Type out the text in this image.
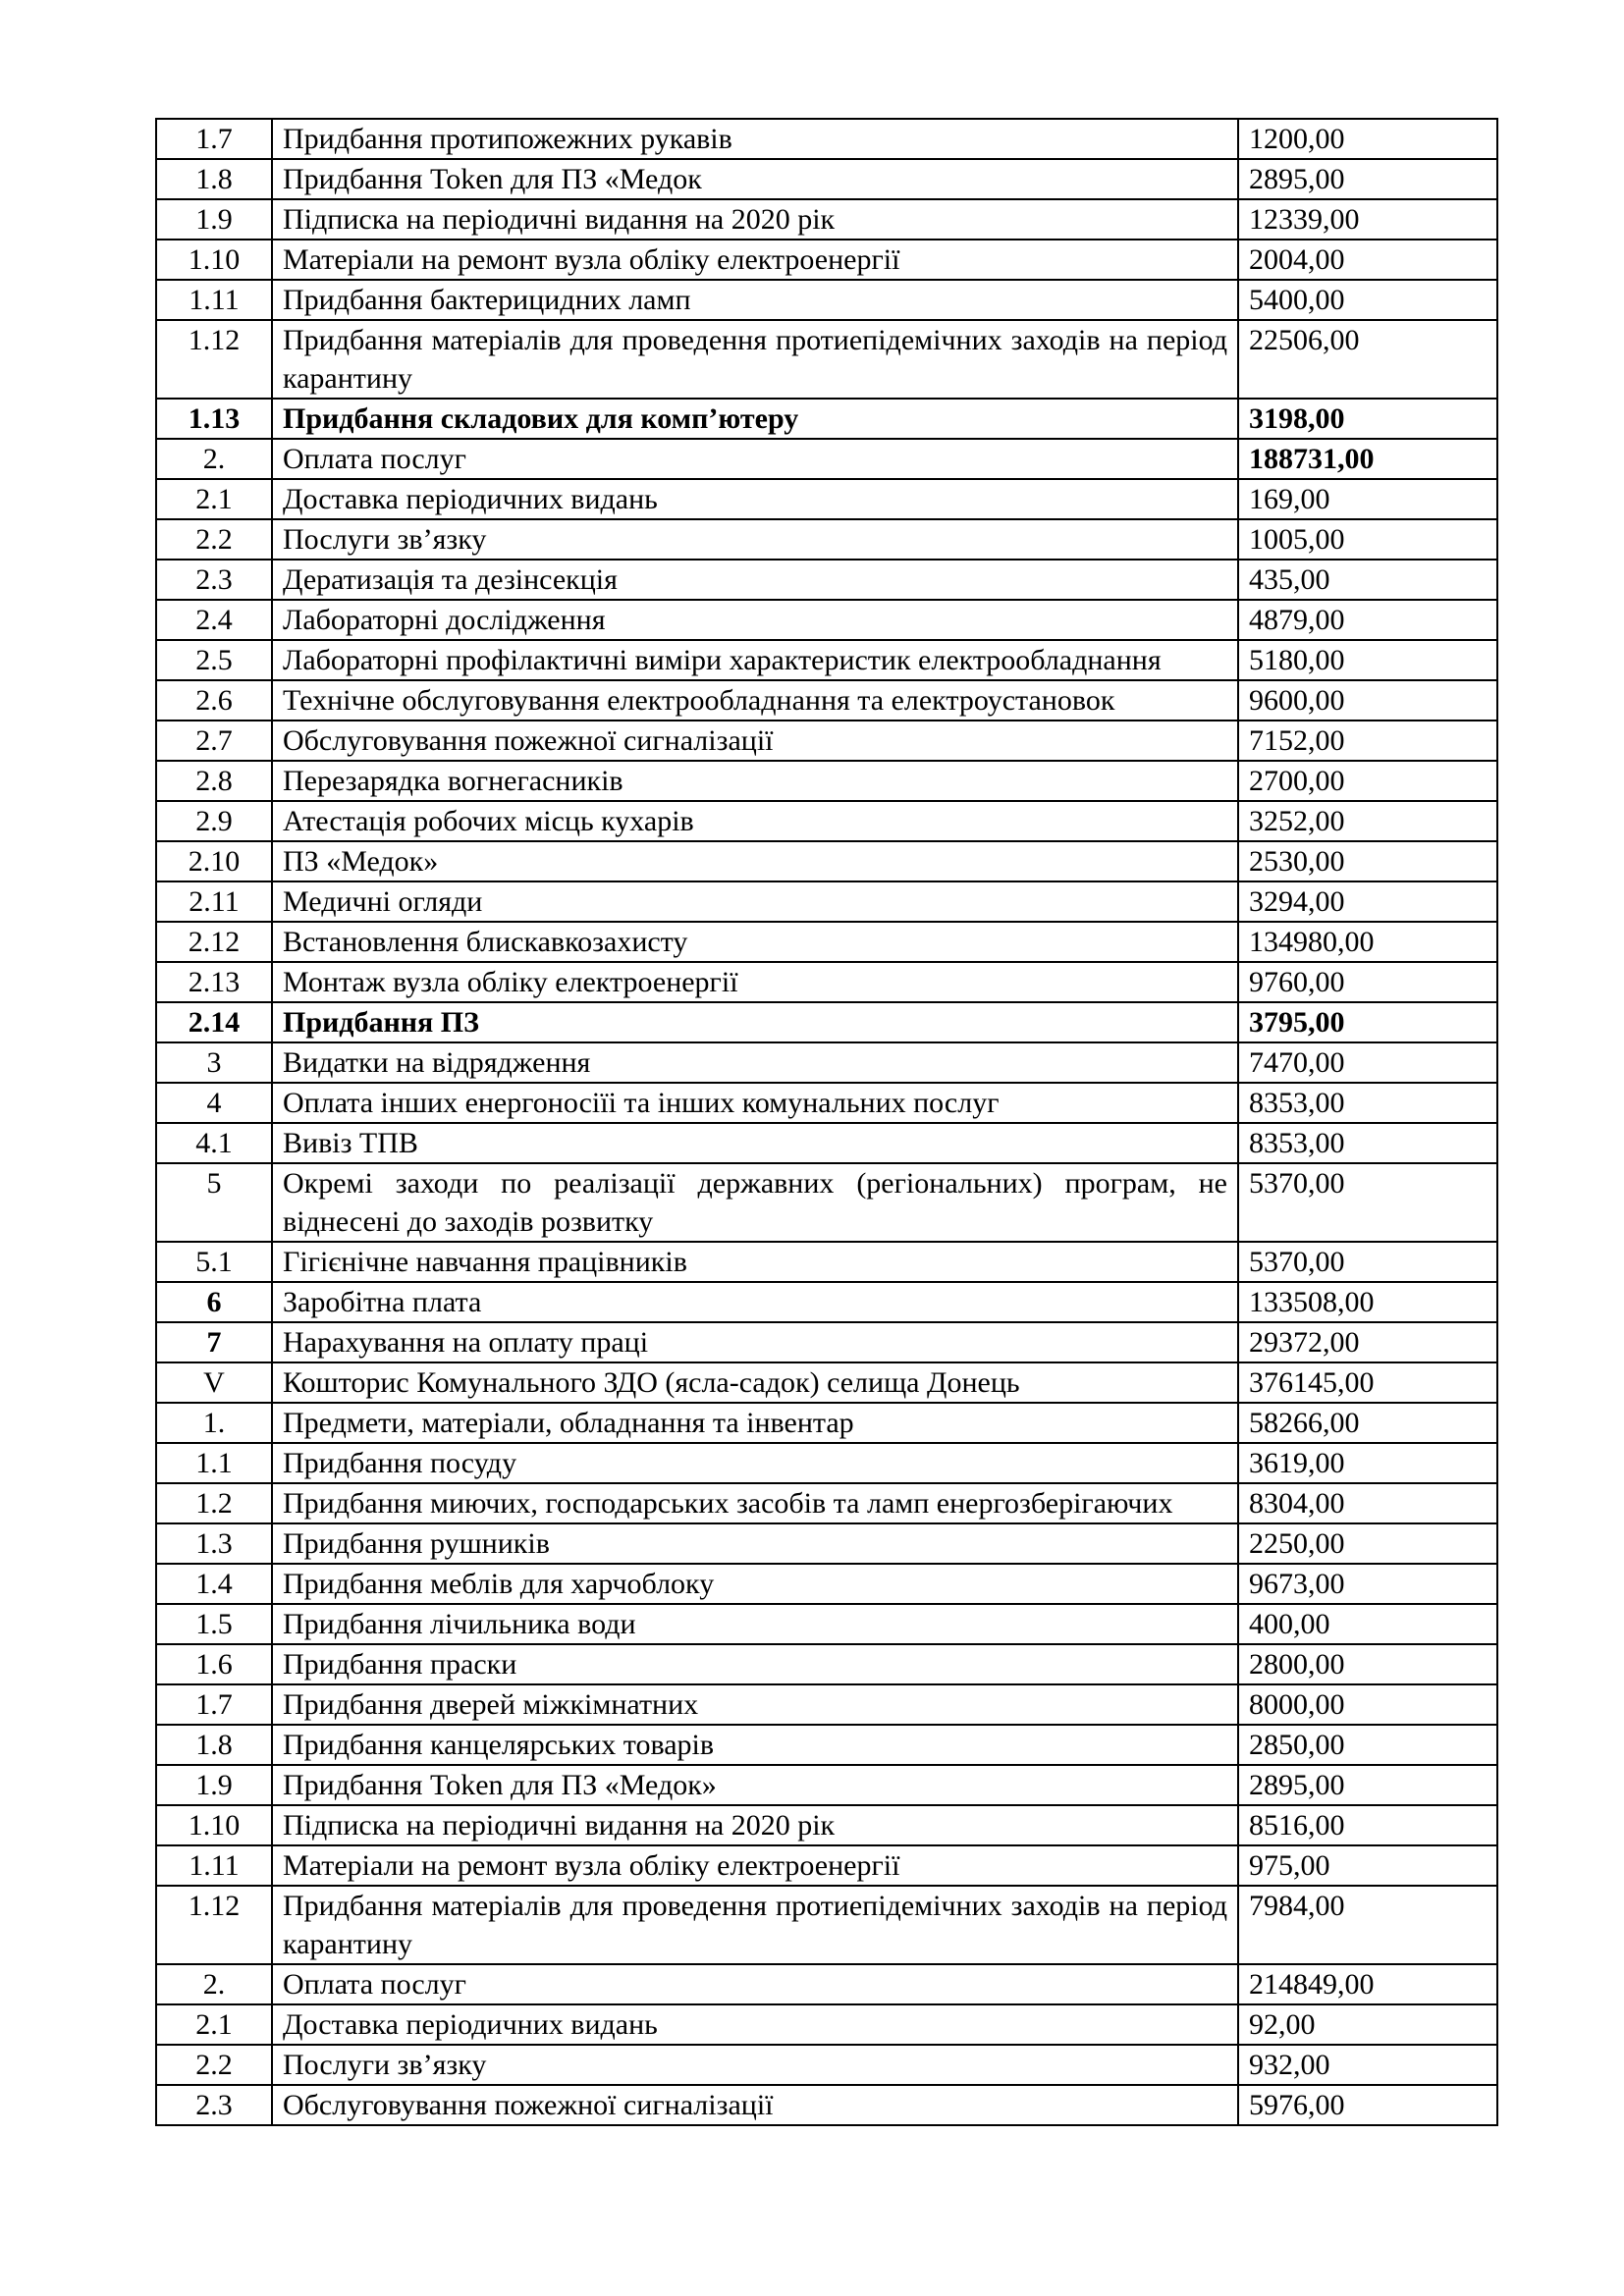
1.7	Придбання протипожежних рукавів	1200,00
1.8	Придбання Token для ПЗ «Медок	2895,00
1.9	Підписка на періодичні видання на 2020 рік	12339,00
1.10	Матеріали на ремонт вузла обліку електроенергії	2004,00
1.11	Придбання бактерицидних ламп	5400,00
1.12	Придбання матеріалів для проведення протиепідемічних заходів на період карантину	22506,00
1.13	Придбання складових для комп’ютеру	3198,00
2.	Оплата послуг	188731,00
2.1	Доставка періодичних видань	169,00
2.2	Послуги зв’язку	1005,00
2.3	Дератизація та дезінсекція	435,00
2.4	Лабораторні дослідження	4879,00
2.5	Лабораторні профілактичні виміри характеристик електрообладнання	5180,00
2.6	Технічне обслуговування електрообладнання та електроустановок	9600,00
2.7	Обслуговування пожежної сигналізації	7152,00
2.8	Перезарядка вогнегасників	2700,00
2.9	Атестація робочих місць кухарів	3252,00
2.10	ПЗ «Медок»	2530,00
2.11	Медичні огляди	3294,00
2.12	Встановлення блискавкозахисту	134980,00
2.13	Монтаж вузла обліку електроенергії	9760,00
2.14	Придбання ПЗ	3795,00
3	Видатки на відрядження	7470,00
4	Оплата інших енергоносіїі та інших комунальних послуг	8353,00
4.1	Вивіз ТПВ	8353,00
5	Окремі заходи по реалізації державних (регіональних) програм, не віднесені до заходів розвитку	5370,00
5.1	Гігієнічне навчання працівників	5370,00
6	Заробітна плата	133508,00
7	Нарахування на оплату праці	29372,00
V	Кошторис Комунального ЗДО (ясла-садок) селища Донець	376145,00
1.	Предмети, матеріали, обладнання та інвентар	58266,00
1.1	Придбання посуду	3619,00
1.2	Придбання миючих, господарських засобів та ламп енергозберігаючих	8304,00
1.3	Придбання рушників	2250,00
1.4	Придбання меблів для харчоблоку	9673,00
1.5	Придбання лічильника води	400,00
1.6	Придбання праски	2800,00
1.7	Придбання дверей міжкімнатних	8000,00
1.8	Придбання канцелярських товарів	2850,00
1.9	Придбання Token для ПЗ «Медок»	2895,00
1.10	Підписка на періодичні видання на 2020 рік	8516,00
1.11	Матеріали на ремонт вузла обліку електроенергії	975,00
1.12	Придбання матеріалів для проведення протиепідемічних заходів на період карантину	7984,00
2.	Оплата послуг	214849,00
2.1	Доставка періодичних видань	92,00
2.2	Послуги зв’язку	932,00
2.3	Обслуговування пожежної сигналізації	5976,00
